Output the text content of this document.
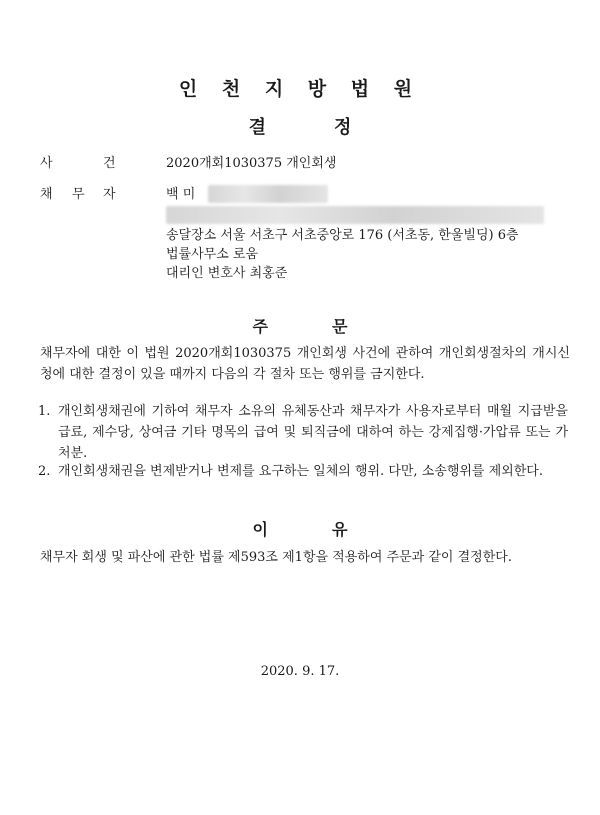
인 천 지 방 법 원
결	정
사	건	2020개회1030375 개인회생
채 무 자	백 미
송달장소 서울 서초구 서초중앙로 176 (서초동, 한울빌딩) 6층
법률사무소 로움
대리인 변호사 최홍준
주	문
채무자에 대한 이 법원 2020개회1030375 개인회생 사건에 관하여 개인회생절차의 개시신청에 대한 결정이 있을 때까지 다음의 각 절차 또는 행위를 금지한다.
1. 개인회생채권에 기하여 채무자 소유의 유체동산과 채무자가 사용자로부터 매월 지급받을 급료, 제수당, 상여금 기타 명목의 급여 및 퇴직금에 대하여 하는 강제집행·가압류 또는 가처분.
2. 개인회생채권을 변제받거나 변제를 요구하는 일체의 행위. 다만, 소송행위를 제외한다.
이	유
채무자 회생 및 파산에 관한 법률 제593조 제1항을 적용하여 주문과 같이 결정한다.
2020. 9. 17.
